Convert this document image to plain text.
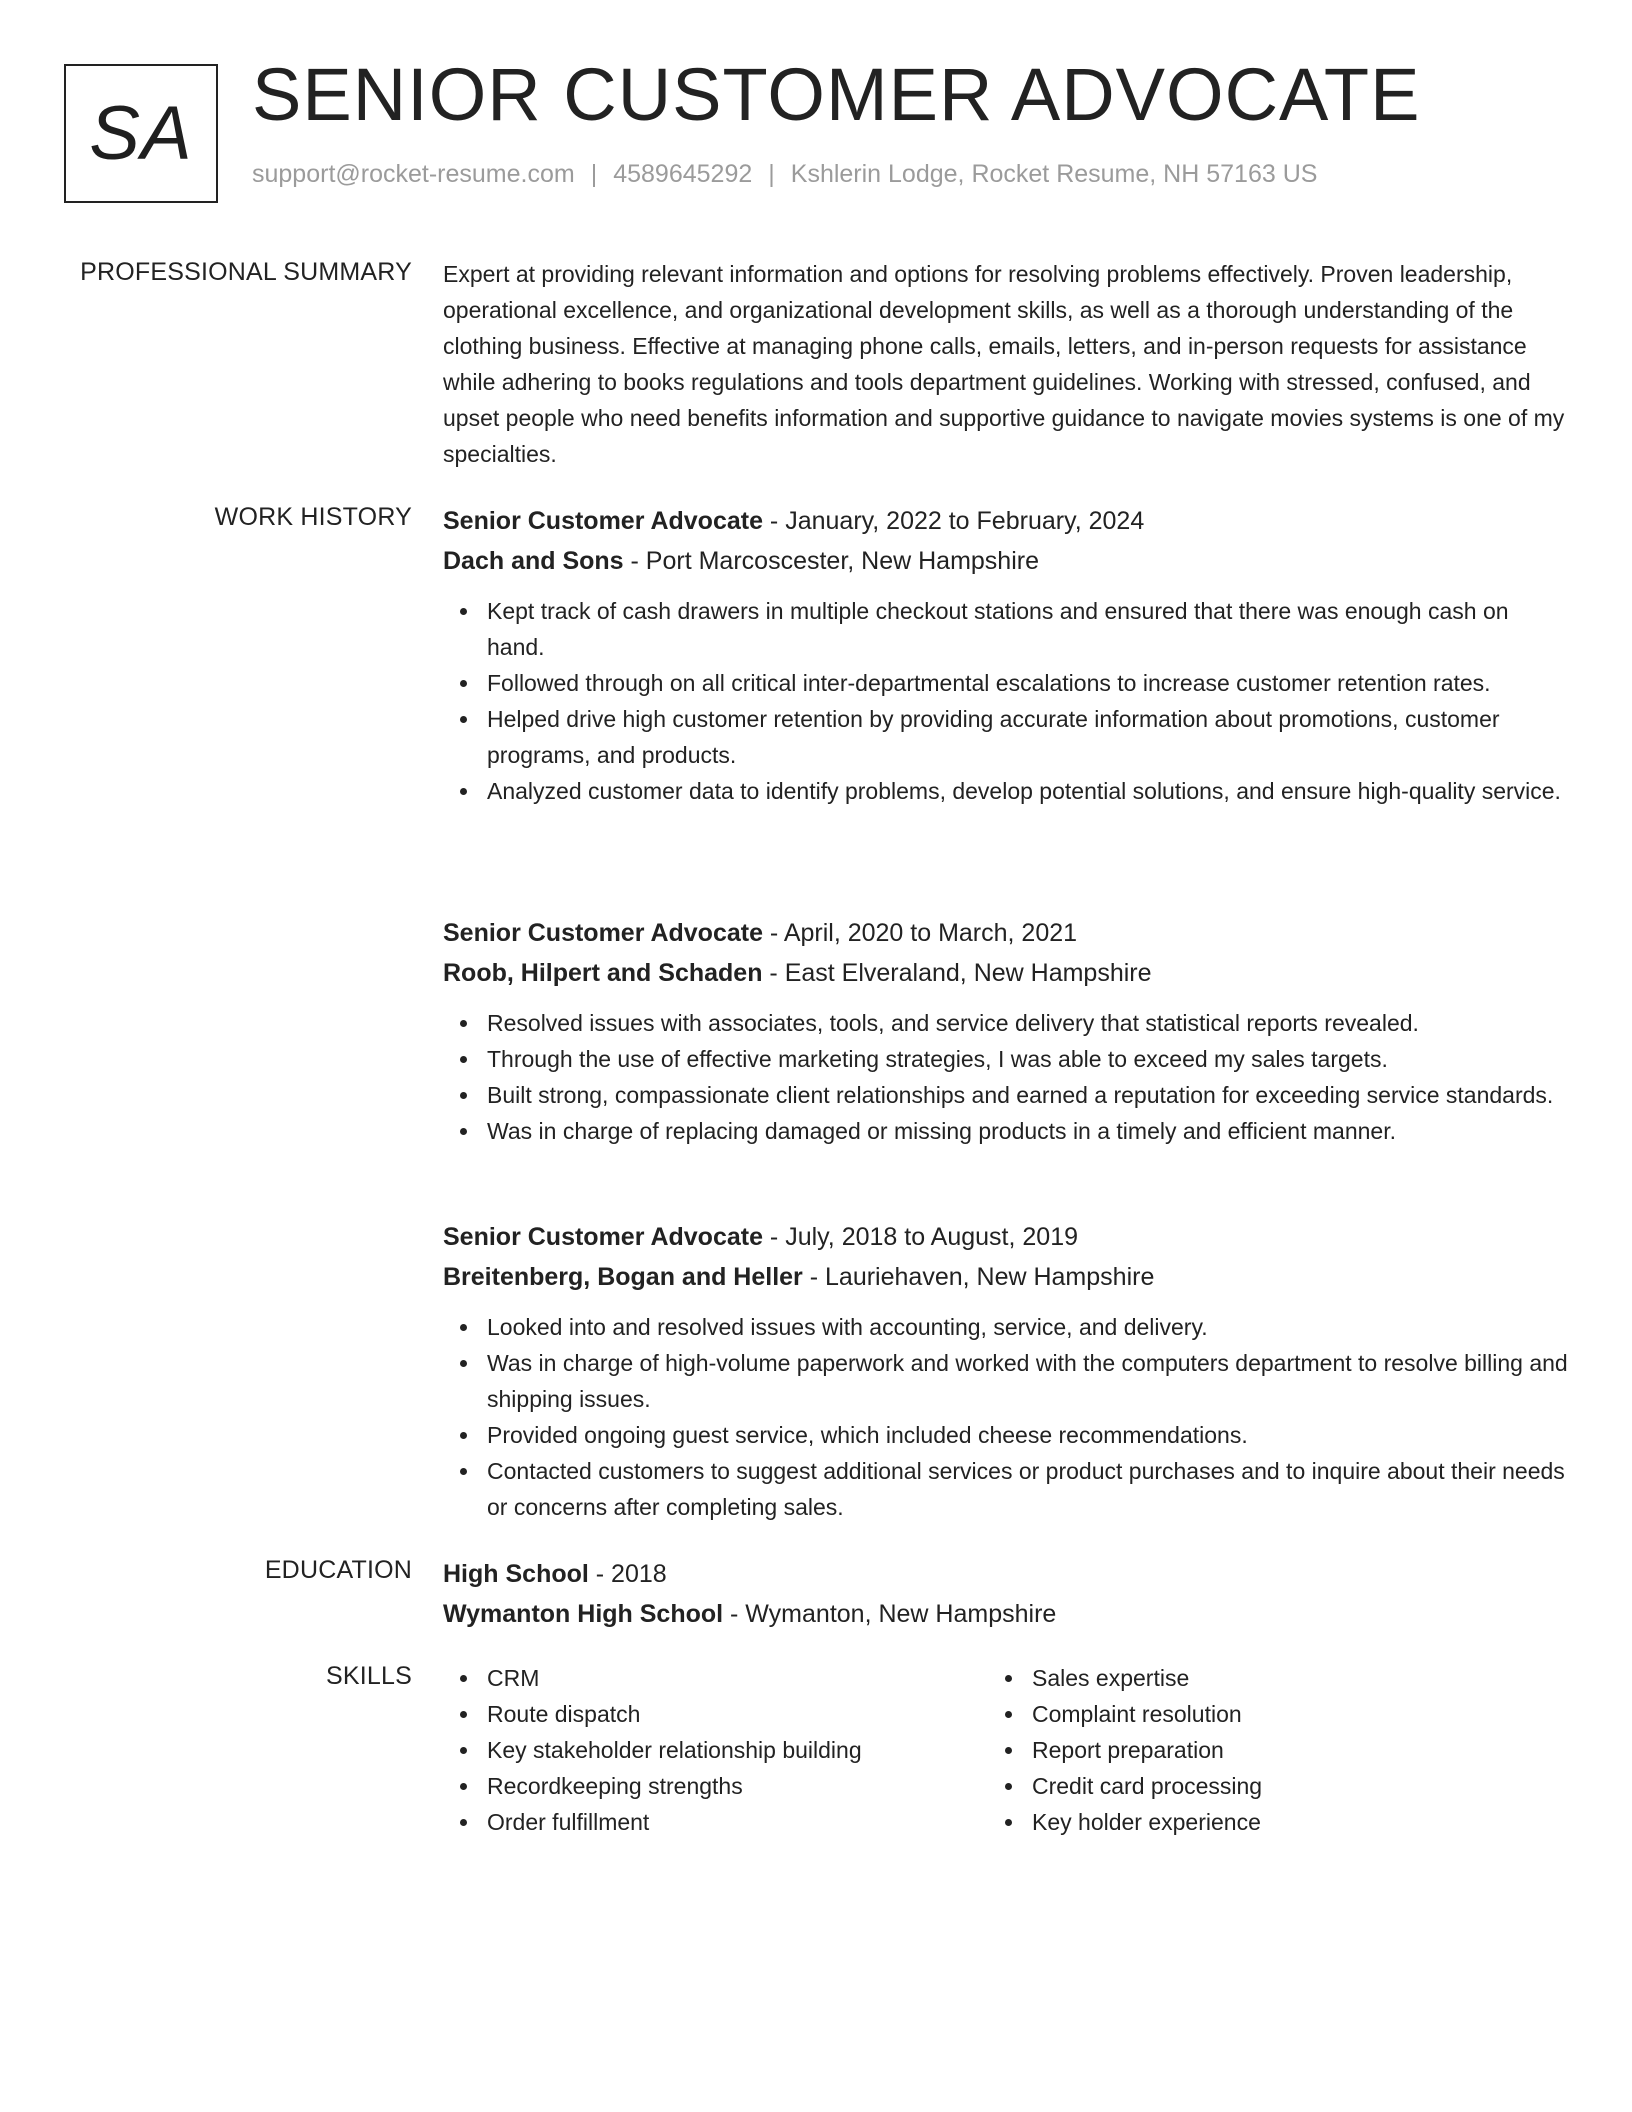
SA SENIOR CUSTOMER ADVOCATE
support@rocket-resume.com | 4589645292 | Kshlerin Lodge, Rocket Resume, NH 57163 US
PROFESSIONAL SUMMARY Expert at providing relevant information and options for resolving problems effectively. Proven leadership, operational excellence, and organizational development skills, as well as a thorough understanding of the clothing business. Effective at managing phone calls, emails, letters, and in-person requests for assistance while adhering to books regulations and tools department guidelines. Working with stressed, confused, and upset people who need benefits information and supportive guidance to navigate movies systems is one of my specialties.

WORK HISTORY Senior Customer Advocate - January, 2022 to February, 2024
Dach and Sons - Port Marcoscester, New Hampshire
Kept track of cash drawers in multiple checkout stations and ensured that there was enough cash on hand.
Followed through on all critical inter-departmental escalations to increase customer retention rates.
Helped drive high customer retention by providing accurate information about promotions, customer programs, and products.
Analyzed customer data to identify problems, develop potential solutions, and ensure high-quality service.
Senior Customer Advocate - April, 2020 to March, 2021
Roob, Hilpert and Schaden - East Elveraland, New Hampshire
Resolved issues with associates, tools, and service delivery that statistical reports revealed.
Through the use of effective marketing strategies, I was able to exceed my sales targets.
Built strong, compassionate client relationships and earned a reputation for exceeding service standards.
Was in charge of replacing damaged or missing products in a timely and efficient manner.
Senior Customer Advocate - July, 2018 to August, 2019
Breitenberg, Bogan and Heller - Lauriehaven, New Hampshire
Looked into and resolved issues with accounting, service, and delivery.
Was in charge of high-volume paperwork and worked with the computers department to resolve billing and shipping issues.
Provided ongoing guest service, which included cheese recommendations.
Contacted customers to suggest additional services or product purchases and to inquire about their needs or concerns after completing sales.
EDUCATION High School - 2018
Wymanton High School - Wymanton, New Hampshire
SKILLS	CRM
Route dispatch
Key stakeholder relationship building
Recordkeeping strengths
Order fulfillment
Sales expertise
Complaint resolution
Report preparation
Credit card processing
Key holder experience
